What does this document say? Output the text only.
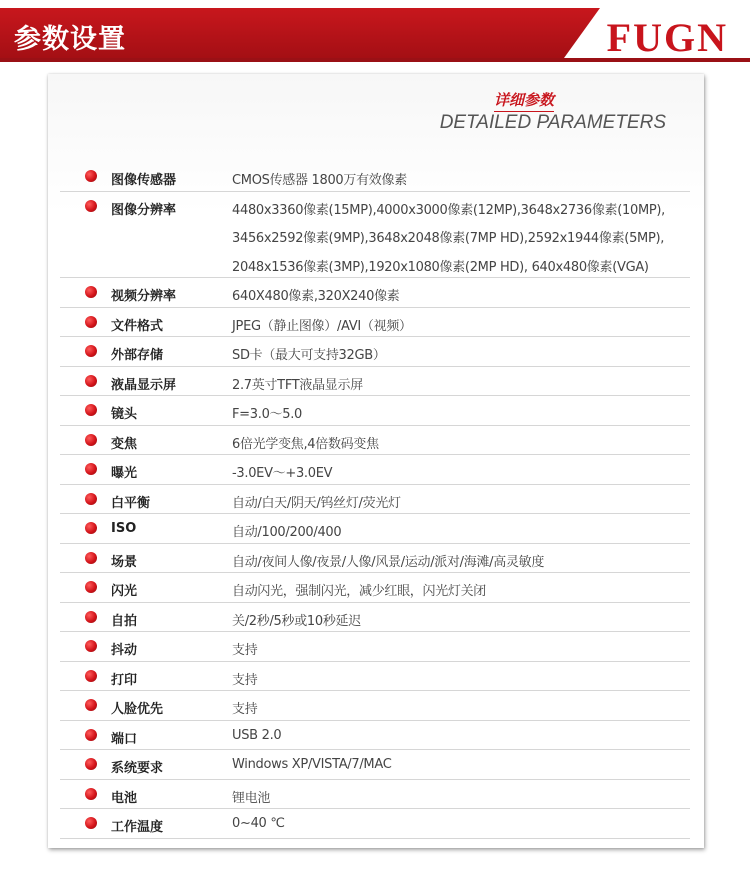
参数设置	FUGN
详细参数
DETAILED PARAMETERS
图像传感器	CMOS传感器 1800万有效像素
图像分辨率	4480x3360像素(15MP),4000x3000像素(12MP),3648x2736像素(10MP),
3456x2592像素(9MP),3648x2048像素(7MP HD),2592x1944像素(5MP),
2048x1536像素(3MP),1920x1080像素(2MP HD), 640x480像素(VGA)
视频分辨率	640X480像素,320X240像素
文件格式	JPEG（静止图像）/AVI（视频）
外部存储	SD卡（最大可支持32GB）
液晶显示屏	2.7英寸TFT液晶显示屏
镜头	F=3.0～5.0
变焦	6倍光学变焦,4倍数码变焦
曝光	-3.0EV～+3.0EV
白平衡	自动/白天/阴天/钨丝灯/荧光灯
ISO	自动/100/200/400
场景	自动/夜间人像/夜景/人像/风景/运动/派对/海滩/高灵敏度
闪光	自动闪光，强制闪光，减少红眼，闪光灯关闭
自拍	关/2秒/5秒或10秒延迟
抖动	支持
打印	支持
人脸优先	支持
端口	USB 2.0
系统要求	Windows XP/VISTA/7/MAC
电池	锂电池
工作温度	0~40 ℃
